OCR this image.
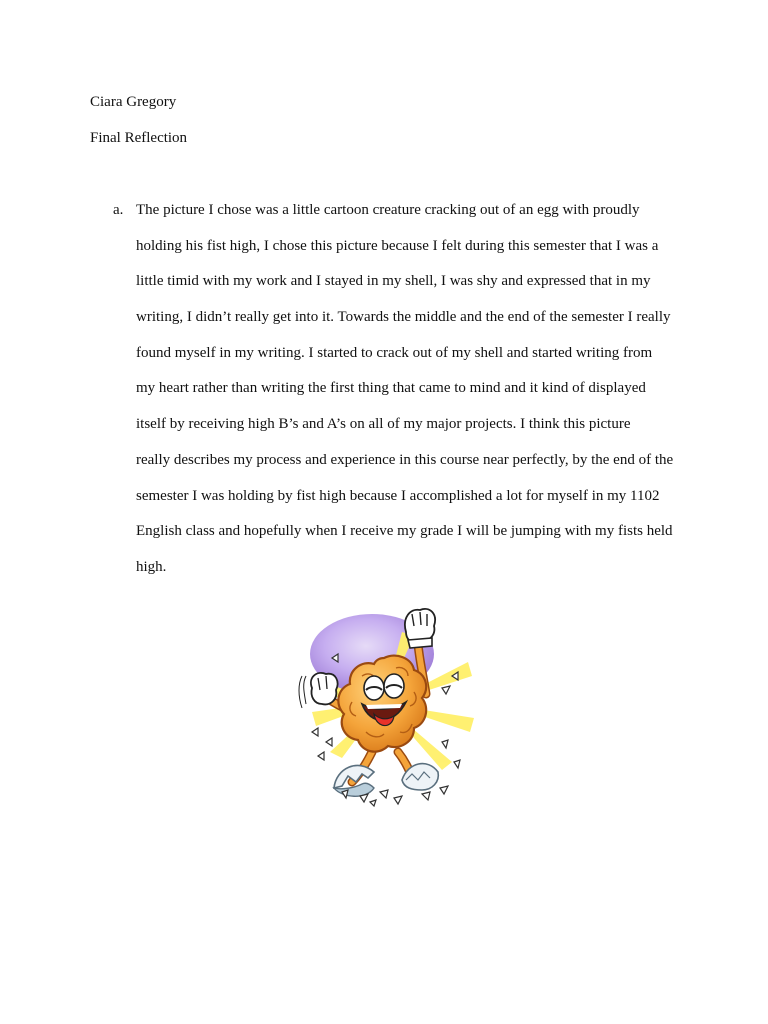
Ciara Gregory
Final Reflection
a. The picture I chose was a little cartoon creature cracking out of an egg with proudly
holding his fist high, I chose this picture because I felt during this semester that I was a
little timid with my work and I stayed in my shell, I was shy and expressed that in my
writing, I didn’t really get into it. Towards the middle and the end of the semester I really
found myself in my writing. I started to crack out of my shell and started writing from
my heart rather than writing the first thing that came to mind and it kind of displayed
itself by receiving high B’s and A’s on all of my major projects. I think this picture
really describes my process and experience in this course near perfectly, by the end of the
semester I was holding by fist high because I accomplished a lot for myself in my 1102
English class and hopefully when I receive my grade I will be jumping with my fists held
high.
